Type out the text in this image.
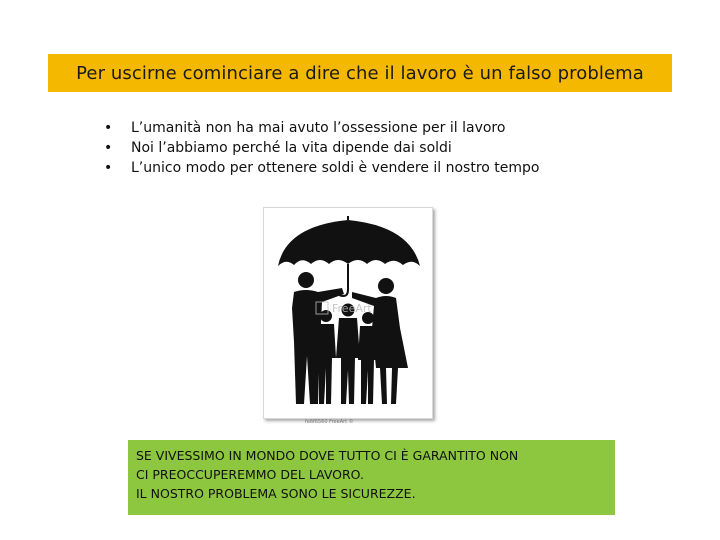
Per uscirne cominciare a dire che il lavoro è un falso problema
• L’umanità non ha mai avuto l’ossessione per il lavoro
• Noi l’abbiamo perché la vita dipende dai soldi
• L’unico modo per ottenere soldi è vendere il nostro tempo
FreeArt
fe6f6560 FreeArt ©

SE VIVESSIMO IN MONDO DOVE TUTTO CI È GARANTITO NON

CI PREOCCUPEREMMO DEL LAVORO.

IL NOSTRO PROBLEMA SONO LE SICUREZZE.
